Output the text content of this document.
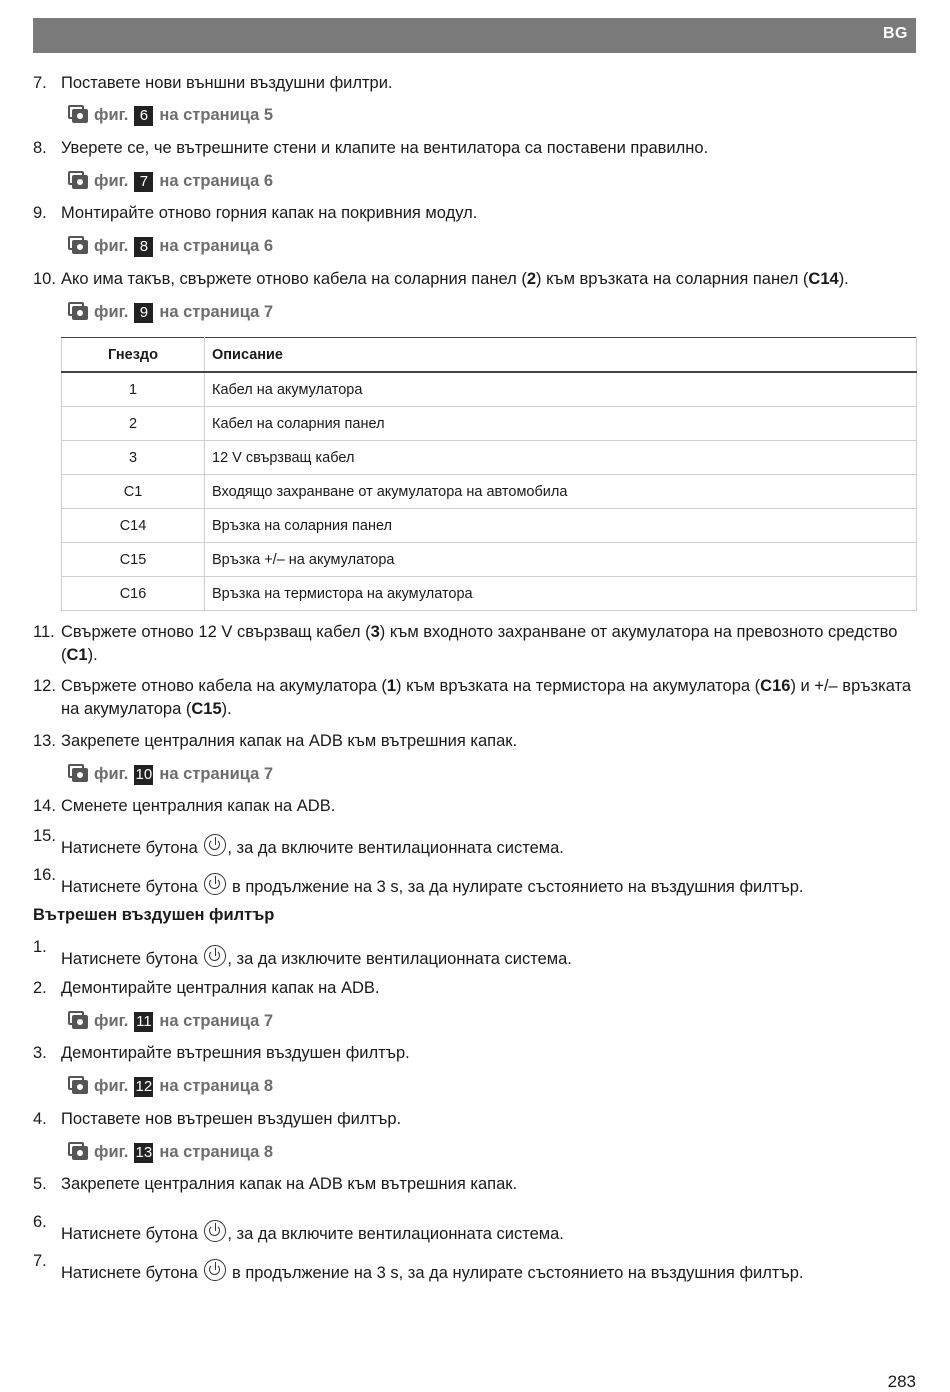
BG
7. Поставете нови външни въздушни филтри.
фиг. 6 на страница 5
8. Уверете се, че вътрешните стени и клапите на вентилатора са поставени правилно.
фиг. 7 на страница 6
9. Монтирайте отново горния капак на покривния модул.
фиг. 8 на страница 6
10. Ако има такъв, свържете отново кабела на соларния панел (2) към връзката на соларния панел (C14).
фиг. 9 на страница 7
Гнездо	Описание
1	Кабел на акумулатора
2	Кабел на соларния панел
3	12 V свързващ кабел
C1	Входящо захранване от акумулатора на автомобила
C14	Връзка на соларния панел
C15	Връзка +/– на акумулатора
C16	Връзка на термистора на акумулатора
11. Свържете отново 12 V свързващ кабел (3) към входното захранване от акумулатора на превозното средство (C1).
12. Свържете отново кабела на акумулатора (1) към връзката на термистора на акумулатора (C16) и +/– връзката на акумулатора (C15).
13. Закрепете централния капак на ADB към вътрешния капак.
фиг. 10 на страница 7
14. Сменете централния капак на ADB.
15.
Натиснете бутона , за да включите вентилационната система.
16.
Натиснете бутона  в продължение на 3 s, за да нулирате състоянието на въздушния филтър.
Вътрешен въздушен филтър
1.
Натиснете бутона , за да изключите вентилационната система.
2. Демонтирайте централния капак на ADB.
фиг. 11 на страница 7
3. Демонтирайте вътрешния въздушен филтър.
фиг. 12 на страница 8
4. Поставете нов вътрешен въздушен филтър.
фиг. 13 на страница 8
5. Закрепете централния капак на ADB към вътрешния капак.
6.
Натиснете бутона , за да включите вентилационната система.
7.
Натиснете бутона  в продължение на 3 s, за да нулирате състоянието на въздушния филтър.
283
